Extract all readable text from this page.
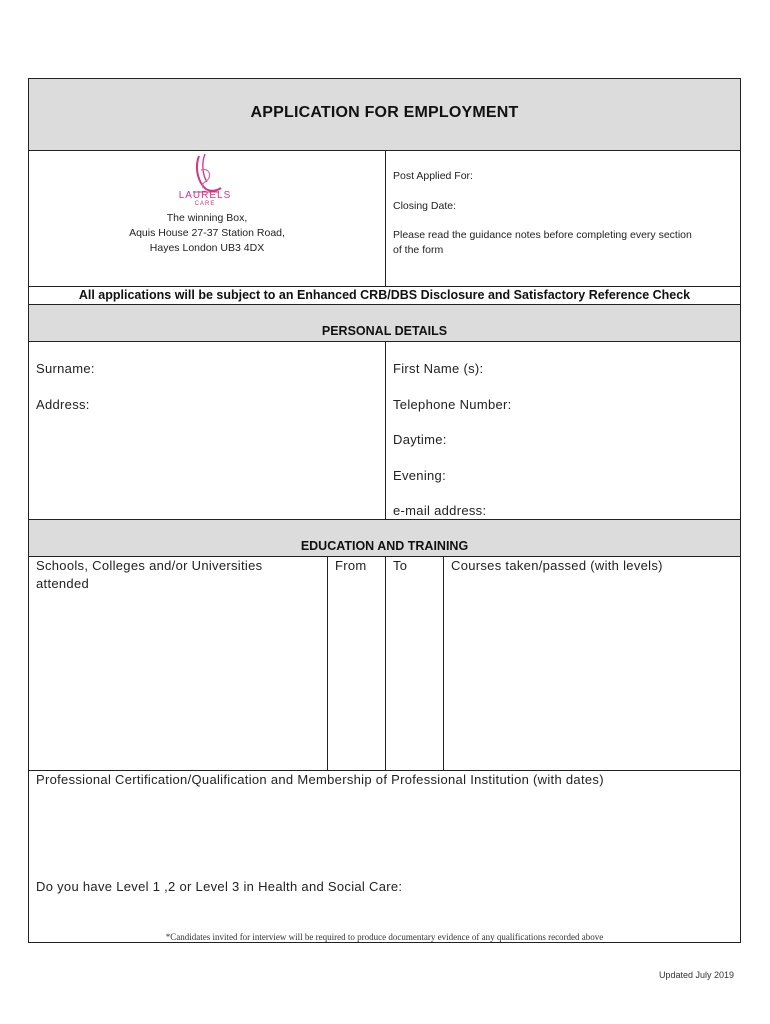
APPLICATION FOR EMPLOYMENT
LAURELS
CARE
The winning Box,
Aquis House 27-37 Station Road,
Hayes London UB3 4DX
Post Applied For:
Closing Date:
Please read the guidance notes before completing every section
of the form
All applications will be subject to an Enhanced CRB/DBS Disclosure and Satisfactory Reference Check
PERSONAL DETAILS
Surname:
Address:
First Name (s):
Telephone Number:
Daytime:
Evening:
e-mail address:
EDUCATION AND TRAINING
Schools, Colleges and/or Universities
attended
From To	Courses taken/passed (with levels)
Professional Certification/Qualification and Membership of Professional Institution (with dates)
Do you have Level 1 ,2 or Level 3 in Health and Social Care:
*Candidates invited for interview will be required to produce documentary evidence of any qualifications recorded above
Updated July 2019
